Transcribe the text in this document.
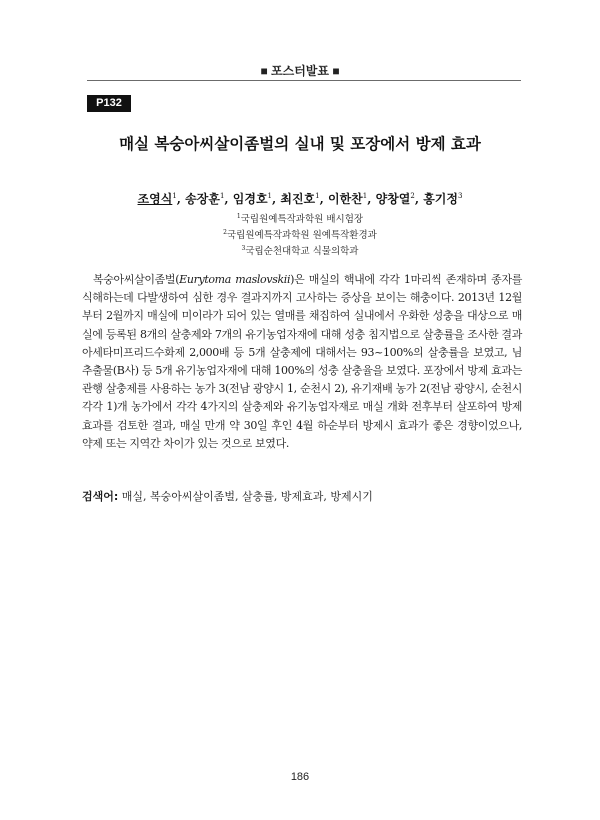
■ 포스터발표 ■
P132
매실 복숭아씨살이좀벌의 실내 및 포장에서 방제 효과
조영식$^1$, 송장훈$^1$, 임경호$^1$, 최진호$^1$, 이한찬$^1$, 양창열$^2$, 홍기정$^3$
$^1$국립원예특작과학원 배시험장
$^2$국립원예특작과학원 원예특작환경과
$^3$국립순천대학교 식물의학과

복숭아씨살이좀벌(Eurytoma maslovskii)은 매실의 핵내에 각각 1마리씩 존재하며 종자를 식해하는데 다발생하여 심한 경우 결과지까지 고사하는 증상을 보이는 해충이다. 2013년 12월부터 2월까지 매실에 미이라가 되어 있는 열매를 채집하여 실내에서 우화한 성충을 대상으로 매실에 등록된 8개의 살충제와 7개의 유기농업자재에 대해 성충 침지법으로 살충률을 조사한 결과 아세타미프리드수화제 2,000배 등 5개 살충제에 대해서는 93~100%의 살충률을 보였고, 님 추출물(B사) 등 5개 유기농업자재에 대해 100%의 성충 살충율을 보였다. 포장에서 방제 효과는 관행 살충제를 사용하는 농가 3(전남 광양시 1, 순천시 2), 유기재배 농가 2(전남 광양시, 순천시 각각 1)개 농가에서 각각 4가지의 살충제와 유기농업자재로 매실 개화 전후부터 살포하여 방제효과를 검토한 결과, 매실 만개 약 30일 후인 4월 하순부터 방제시 효과가 좋은 경향이었으나, 약제 또는 지역간 차이가 있는 것으로 보였다.

검색어: 매실, 복숭아씨살이좀벌, 살충률, 방제효과, 방제시기
186
